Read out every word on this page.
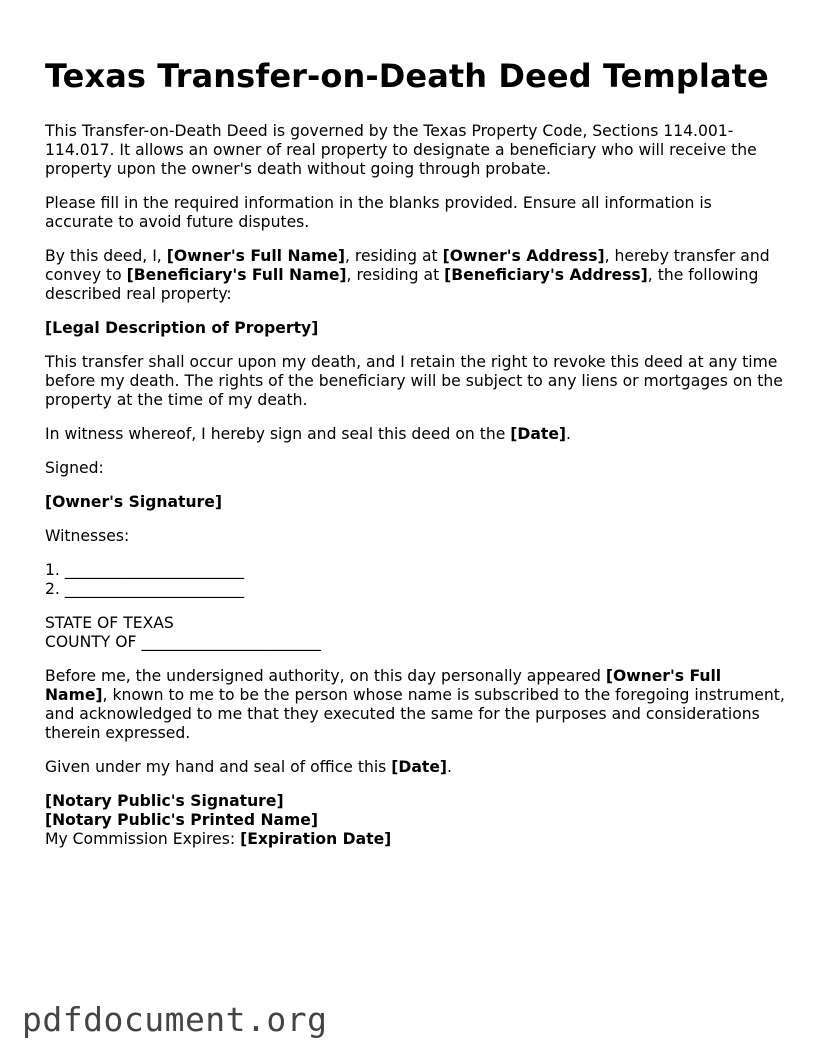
Texas Transfer-on-Death Deed Template

This Transfer-on-Death Deed is governed by the Texas Property Code, Sections 114.001-114.017. It allows an owner of real property to designate a beneficiary who will receive the property upon the owner's death without going through probate.

Please fill in the required information in the blanks provided. Ensure all information is accurate to avoid future disputes.

By this deed, I, [Owner's Full Name], residing at [Owner's Address], hereby transfer and convey to [Beneficiary's Full Name], residing at [Beneficiary's Address], the following described real property:

[Legal Description of Property]

This transfer shall occur upon my death, and I retain the right to revoke this deed at any time before my death. The rights of the beneficiary will be subject to any liens or mortgages on the property at the time of my death.

In witness whereof, I hereby sign and seal this deed on the [Date].

Signed:

[Owner's Signature]

Witnesses:

1. _______________________
2. _______________________

STATE OF TEXAS
COUNTY OF _______________________

Before me, the undersigned authority, on this day personally appeared [Owner's Full Name], known to me to be the person whose name is subscribed to the foregoing instrument, and acknowledged to me that they executed the same for the purposes and considerations therein expressed.

Given under my hand and seal of office this [Date].

[Notary Public's Signature]
[Notary Public's Printed Name]
My Commission Expires: [Expiration Date]

pdfdocument.org
